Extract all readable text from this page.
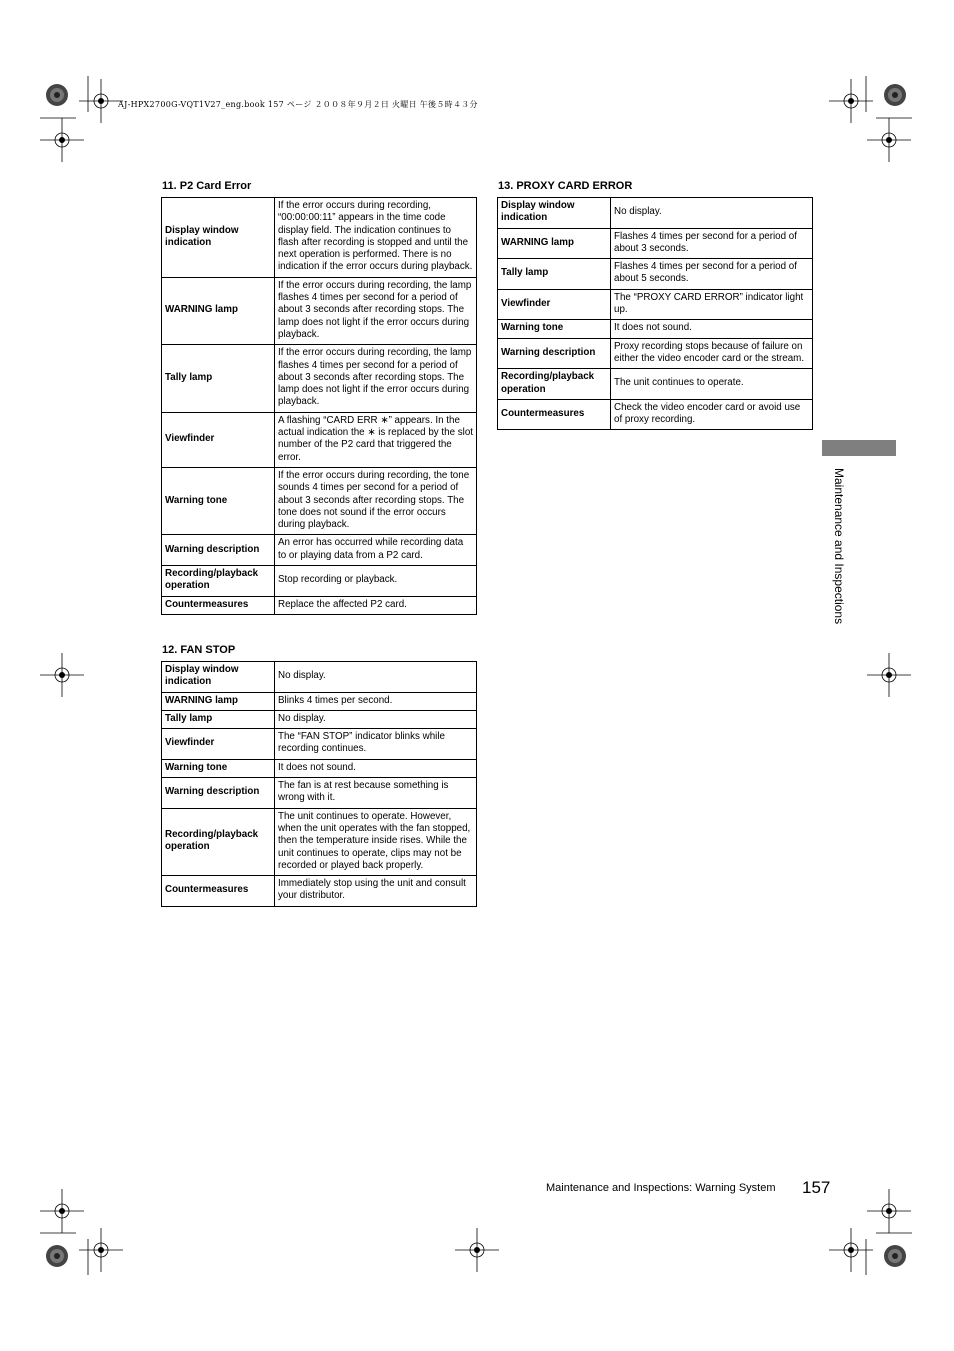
AJ-HPX2700G-VQT1V27_eng.book 157 ページ ２００８年９月２日 火曜日 午後５時４３分
11. P2 Card Error
Display window indication	If the error occurs during recording, “00:00:00:11” appears in the time code display field. The indication continues to flash after recording is stopped and until the next operation is performed. There is no indication if the error occurs during playback.
WARNING lamp	If the error occurs during recording, the lamp flashes 4 times per second for a period of about 3 seconds after recording stops. The lamp does not light if the error occurs during playback.
Tally lamp	If the error occurs during recording, the lamp flashes 4 times per second for a period of about 3 seconds after recording stops. The lamp does not light if the error occurs during playback.
Viewfinder	A flashing “CARD ERR ∗” appears. In the actual indication the ∗ is replaced by the slot number of the P2 card that triggered the error.
Warning tone	If the error occurs during recording, the tone sounds 4 times per second for a period of about 3 seconds after recording stops. The tone does not sound if the error occurs during playback.
Warning description	An error has occurred while recording data to or playing data from a P2 card.
Recording/playback operation	Stop recording or playback.
Countermeasures	Replace the affected P2 card.
12. FAN STOP
Display window indication	No display.
WARNING lamp	Blinks 4 times per second.
Tally lamp	No display.
Viewfinder	The “FAN STOP” indicator blinks while recording continues.
Warning tone	It does not sound.
Warning description	The fan is at rest because something is wrong with it.
Recording/playback operation	The unit continues to operate. However, when the unit operates with the fan stopped, then the temperature inside rises. While the unit continues to operate, clips may not be recorded or played back properly.
Countermeasures	Immediately stop using the unit and consult your distributor.
13. PROXY CARD ERROR
Display window indication	No display.
WARNING lamp	Flashes 4 times per second for a period of about 3 seconds.
Tally lamp	Flashes 4 times per second for a period of about 5 seconds.
Viewfinder	The “PROXY CARD ERROR” indicator light up.
Warning tone	It does not sound.
Warning description	Proxy recording stops because of failure on either the video encoder card or the stream.
Recording/playback operation	The unit continues to operate.
Countermeasures	Check the video encoder card or avoid use of proxy recording.
Maintenance and Inspections
Maintenance and Inspections: Warning System 157
